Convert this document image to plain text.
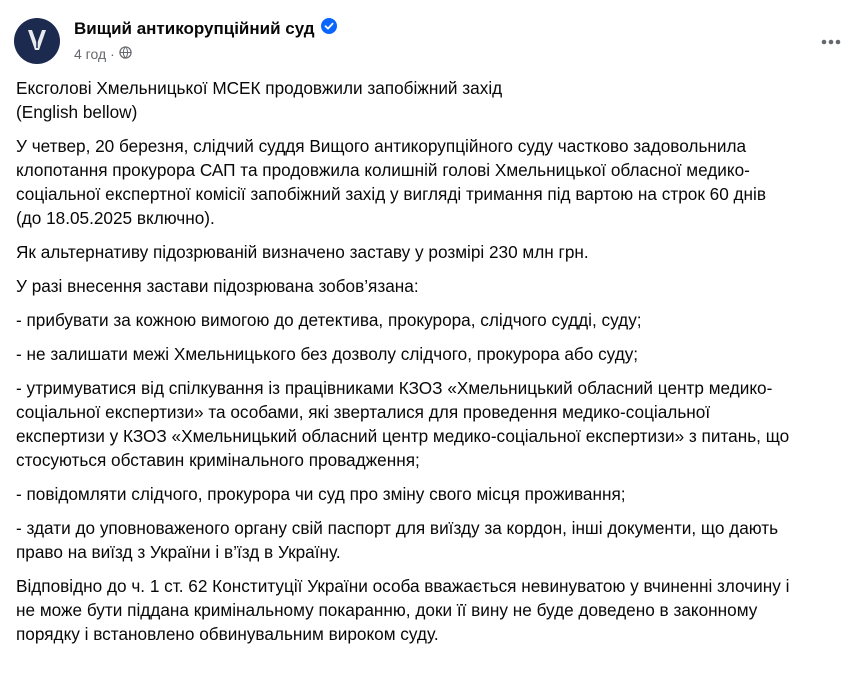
Вищий антикорупційний суд
4 год ·

Ексголові Хмельницької МСЕК продовжили запобіжний захід
(English bellow)

У четвер, 20 березня, слідчий суддя Вищого антикорупційного суду частково задовольнила
клопотання прокурора САП та продовжила колишній голові Хмельницької обласної медико-
соціальної експертної комісії запобіжний захід у вигляді тримання під вартою на строк 60 днів
(до 18.05.2025 включно).

Як альтернативу підозрюваній визначено заставу у розмірі 230 млн грн.

У разі внесення застави підозрювана зобов’язана:

- прибувати за кожною вимогою до детектива, прокурора, слідчого судді, суду;

- не залишати межі Хмельницького без дозволу слідчого, прокурора або суду;

- утримуватися від спілкування із працівниками КЗОЗ «Хмельницький обласний центр медико-
соціальної експертизи» та особами, які зверталися для проведення медико-соціальної
експертизи у КЗОЗ «Хмельницький обласний центр медико-соціальної експертизи» з питань, що
стосуються обставин кримінального провадження;

- повідомляти слідчого, прокурора чи суд про зміну свого місця проживання;

- здати до уповноваженого органу свій паспорт для виїзду за кордон, інші документи, що дають
право на виїзд з України і в’їзд в Україну.

Відповідно до ч. 1 ст. 62 Конституції України особа вважається невинуватою у вчиненні злочину і
не може бути піддана кримінальному покаранню, доки її вину не буде доведено в законному
порядку і встановлено обвинувальним вироком суду.
